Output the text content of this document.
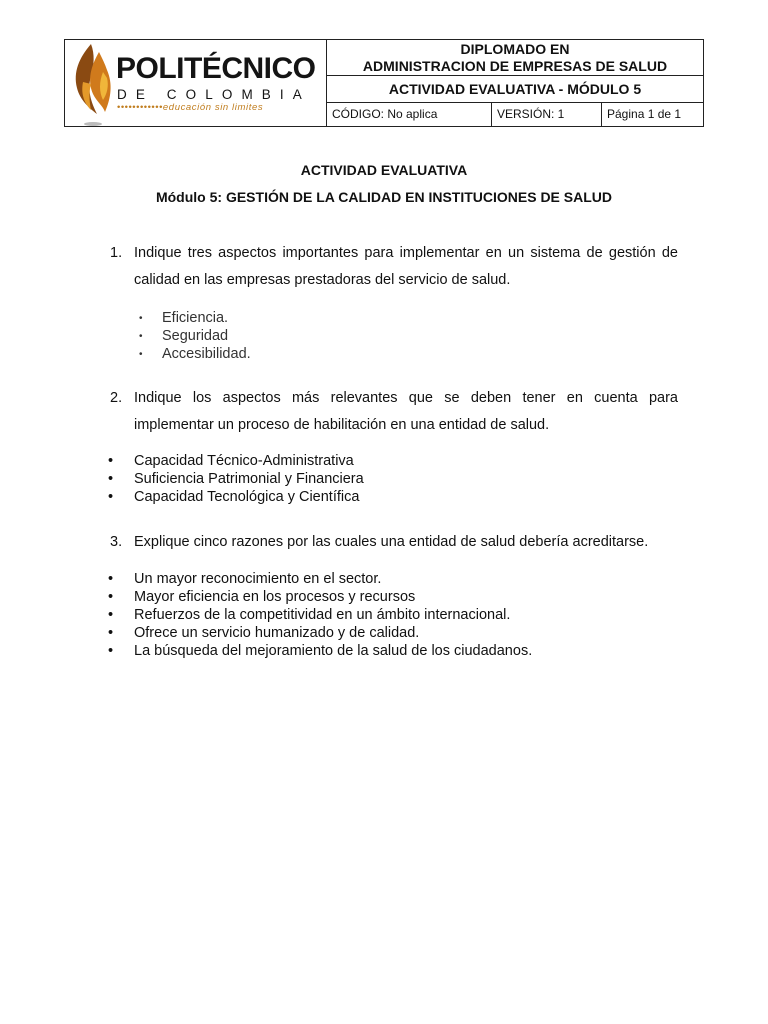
POLITÉCNICO
DE COLOMBIA
••••••••••••educación sin limites
DIPLOMADO EN
ADMINISTRACION DE EMPRESAS DE SALUD
ACTIVIDAD EVALUATIVA - MÓDULO 5
CÓDIGO: No aplica	VERSIÓN: 1	Página 1 de 1
ACTIVIDAD EVALUATIVA
Módulo 5: GESTIÓN DE LA CALIDAD EN INSTITUCIONES DE SALUD
1. Indique tres aspectos importantes para implementar en un sistema de gestión de calidad en las empresas prestadoras del servicio de salud.
• Eficiencia.
• Seguridad
• Accesibilidad.
2. Indique los aspectos más relevantes que se deben tener en cuenta para implementar un proceso de habilitación en una entidad de salud.
• Capacidad Técnico-Administrativa
• Suficiencia Patrimonial y Financiera
• Capacidad Tecnológica y Científica
3. Explique cinco razones por las cuales una entidad de salud debería acreditarse.
• Un mayor reconocimiento en el sector.
• Mayor eficiencia en los procesos y recursos
• Refuerzos de la competitividad en un ámbito internacional.
• Ofrece un servicio humanizado y de calidad.
• La búsqueda del mejoramiento de la salud de los ciudadanos.
